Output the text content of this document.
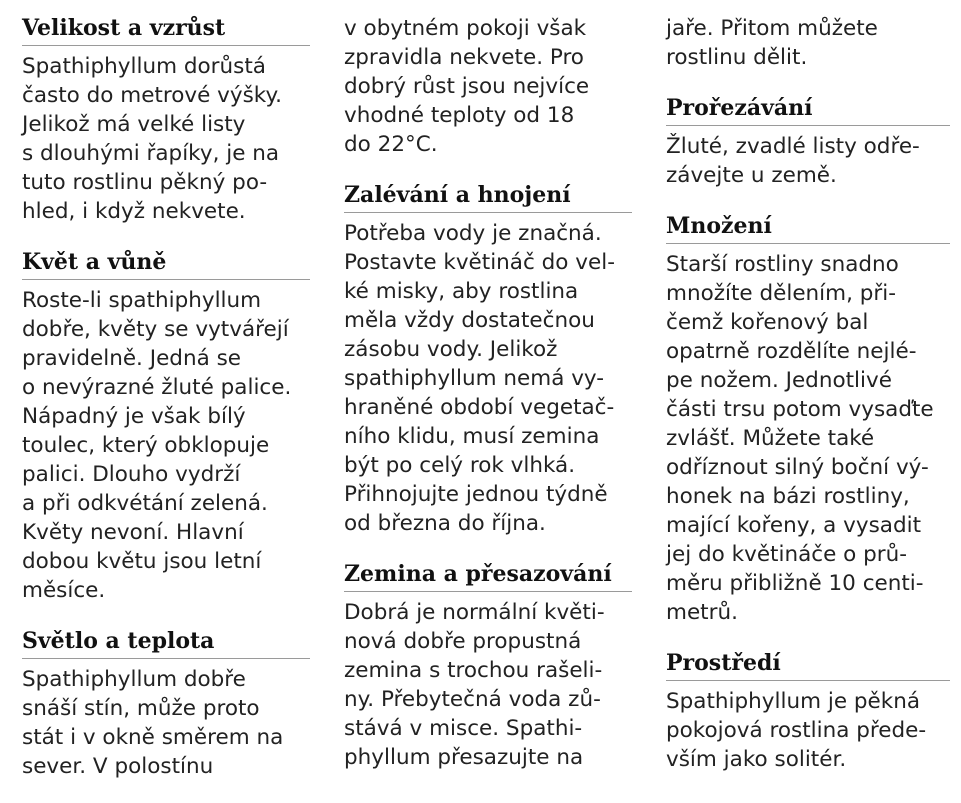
Velikost a vzrůst
Spathiphyllum dorůstá
často do metrové výšky.
Jelikož má velké listy
s dlouhými řapíky, je na
tuto rostlinu pěkný po-
hled, i když nekvete.
Květ a vůně
Roste-li spathiphyllum
dobře, květy se vytvářejí
pravidelně. Jedná se
o nevýrazné žluté palice.
Nápadný je však bílý
toulec, který obklopuje
palici. Dlouho vydrží
a při odkvétání zelená.
Květy nevoní. Hlavní
dobou květu jsou letní
měsíce.
Světlo a teplota
Spathiphyllum dobře
snáší stín, může proto
stát i v okně směrem na
sever. V polostínu
v obytném pokoji však
zpravidla nekvete. Pro
dobrý růst jsou nejvíce
vhodné teploty od 18
do 22°C.
Zalévání a hnojení
Potřeba vody je značná.
Postavte květináč do vel-
ké misky, aby rostlina
měla vždy dostatečnou
zásobu vody. Jelikož
spathiphyllum nemá vy-
hraněné období vegetač-
ního klidu, musí zemina
být po celý rok vlhká.
Přihnojujte jednou týdně
od března do října.
Zemina a přesazování
Dobrá je normální květi-
nová dobře propustná
zemina s trochou rašeli-
ny. Přebytečná voda zů-
stává v misce. Spathi-
phyllum přesazujte na
jaře. Přitom můžete
rostlinu dělit.
Prořezávání
Žluté, zvadlé listy odře-
závejte u země.
Množení
Starší rostliny snadno
množíte dělením, při-
čemž kořenový bal
opatrně rozdělíte nejlé-
pe nožem. Jednotlivé
části trsu potom vysaďte
zvlášť. Můžete také
odříznout silný boční vý-
honek na bázi rostliny,
mající kořeny, a vysadit
jej do květináče o prů-
měru přibližně 10 centi-
metrů.
Prostředí
Spathiphyllum je pěkná
pokojová rostlina přede-
vším jako solitér.
